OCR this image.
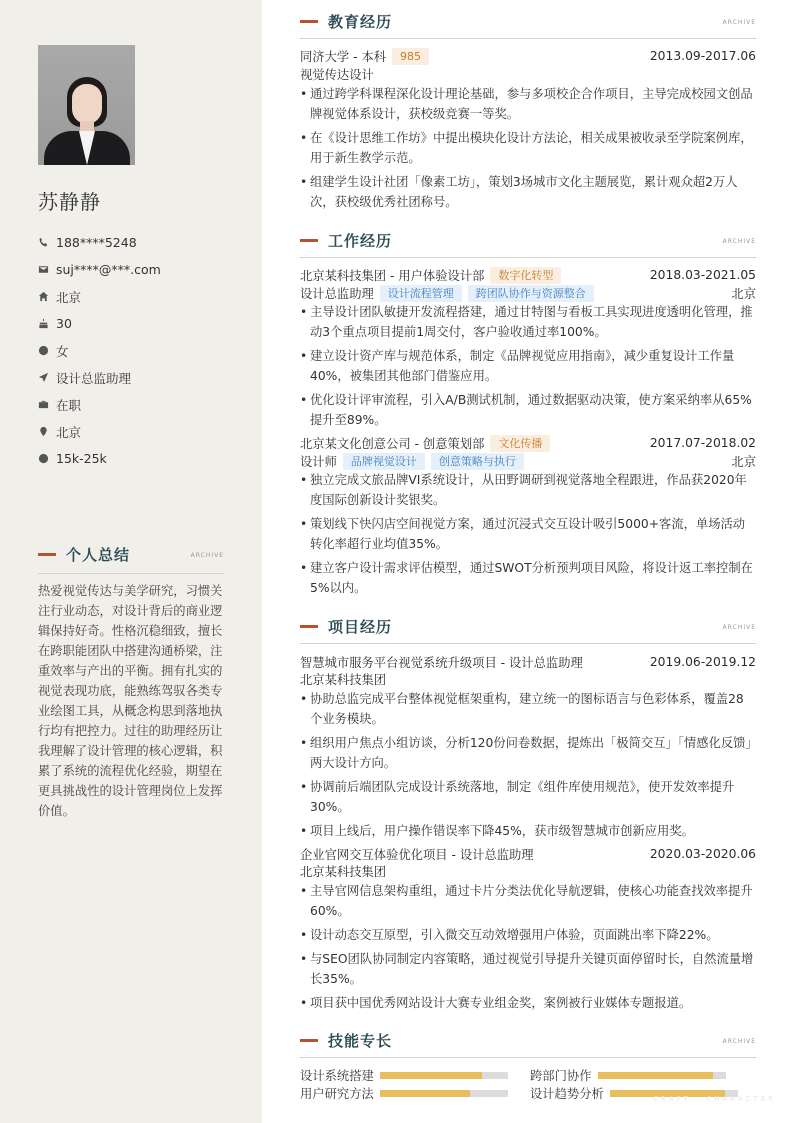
苏静静
188****5248
suj****@***.com
北京
30
女
设计总监助理
在职
北京
15k-25k
个人总结	ARCHIVE
热爱视觉传达与美学研究，习惯关注行业动态，对设计背后的商业逻辑保持好奇。性格沉稳细致，擅长在跨职能团队中搭建沟通桥梁，注重效率与产出的平衡。拥有扎实的视觉表现功底，能熟练驾驭各类专业绘图工具，从概念构思到落地执行均有把控力。过往的助理经历让我理解了设计管理的核心逻辑，积累了系统的流程优化经验，期望在更具挑战性的设计管理岗位上发挥价值。
教育经历	ARCHIVE
同济大学 - 本科	985	2013.09-2017.06
视觉传达设计
• 通过跨学科课程深化设计理论基础，参与多项校企合作项目，主导完成校园文创品牌视觉体系设计，获校级竞赛一等奖。
• 在《设计思维工作坊》中提出模块化设计方法论，相关成果被收录至学院案例库，用于新生教学示范。
• 组建学生设计社团「像素工坊」，策划3场城市文化主题展览，累计观众超2万人次，获校级优秀社团称号。
工作经历	ARCHIVE
北京某科技集团 - 用户体验设计部	数字化转型	2018.03-2021.05
设计总监助理	设计流程管理	跨团队协作与资源整合	北京
• 主导设计团队敏捷开发流程搭建，通过甘特图与看板工具实现进度透明化管理，推动3个重点项目提前1周交付，客户验收通过率100%。
• 建立设计资产库与规范体系，制定《品牌视觉应用指南》，减少重复设计工作量40%，被集团其他部门借鉴应用。
• 优化设计评审流程，引入A/B测试机制，通过数据驱动决策，使方案采纳率从65%提升至89%。
北京某文化创意公司 - 创意策划部	文化传播	2017.07-2018.02
设计师	品牌视觉设计	创意策略与执行	北京
• 独立完成文旅品牌VI系统设计，从田野调研到视觉落地全程跟进，作品获2020年度国际创新设计奖银奖。
• 策划线下快闪店空间视觉方案，通过沉浸式交互设计吸引5000+客流，单场活动转化率超行业均值35%。
• 建立客户设计需求评估模型，通过SWOT分析预判项目风险，将设计返工率控制在5%以内。
项目经历	ARCHIVE
智慧城市服务平台视觉系统升级项目 - 设计总监助理	2019.06-2019.12
北京某科技集团
• 协助总监完成平台整体视觉框架重构，建立统一的图标语言与色彩体系，覆盖28个业务模块。
• 组织用户焦点小组访谈，分析120份问卷数据，提炼出「极简交互」「情感化反馈」两大设计方向。
• 协调前后端团队完成设计系统落地，制定《组件库使用规范》，使开发效率提升30%。
• 项目上线后，用户操作错误率下降45%，获市级智慧城市创新应用奖。
企业官网交互体验优化项目 - 设计总监助理	2020.03-2020.06
北京某科技集团
• 主导官网信息架构重组，通过卡片分类法优化导航逻辑，使核心功能查找效率提升60%。
• 设计动态交互原型，引入微交互动效增强用户体验，页面跳出率下降22%。
• 与SEO团队协同制定内容策略，通过视觉引导提升关键页面停留时长，自然流量增长35%。
• 项目获中国优秀网站设计大赛专业组金奖，案例被行业媒体专题报道。
技能专长	ARCHIVE
设计系统搭建	跨部门协作
用户研究方法	设计趋势分析	CRAFT · CHARACTER
